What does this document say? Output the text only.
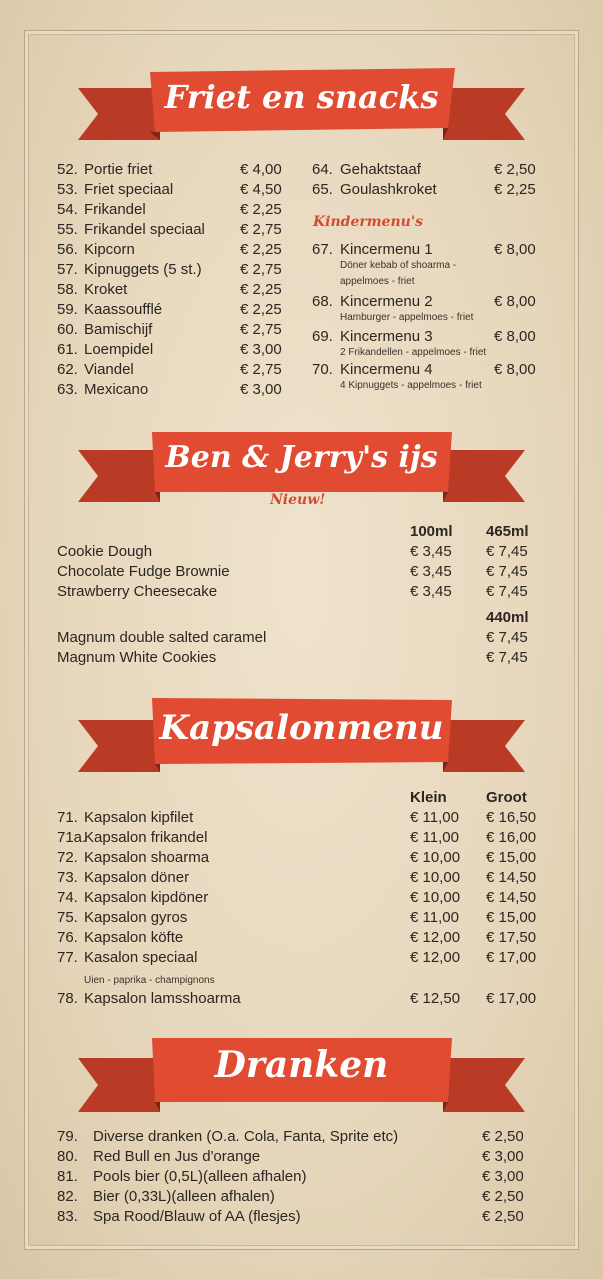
Friet en snacks
52. Portie friet	€ 4,00
53. Friet speciaal	€ 4,50
54. Frikandel	€ 2,25
55. Frikandel speciaal € 2,75
56. Kipcorn	€ 2,25
57. Kipnuggets (5 st.)	€ 2,75
58. Kroket	€ 2,25
59. Kaassoufflé	€ 2,25
60. Bamischijf	€ 2,75
61. Loempidel	€ 3,00
62. Viandel	€ 2,75
63. Mexicano	€ 3,00
64. Gehaktstaaf	€ 2,50
65. Goulashkroket	€ 2,25
Kindermenu's
67. Kincermenu 1	€ 8,00
Döner kebab of shoarma -
appelmoes - friet
68. Kincermenu 2	€ 8,00
Hamburger - appelmoes - friet
69. Kincermenu 3	€ 8,00
2 Frikandellen - appelmoes - friet
70. Kincermenu 4	€ 8,00
4 Kipnuggets - appelmoes - friet
Ben & Jerry's ijs
Nieuw!
100ml 465ml
Cookie Dough	€ 3,45 € 7,45
Chocolate Fudge Brownie	€ 3,45 € 7,45
Strawberry Cheesecake	€ 3,45 € 7,45
440ml
Magnum double salted caramel	€ 7,45
Magnum White Cookies	€ 7,45
Kapsalonmenu
Klein	Groot
71. Kapsalon kipfilet	€ 11,00 € 16,50
71a.
Kapsalon frikandel	€ 11,00 € 16,00
72. Kapsalon shoarma	€ 10,00 € 15,00
73. Kapsalon döner	€ 10,00 € 14,50
74. Kapsalon kipdöner	€ 10,00 € 14,50
75. Kapsalon gyros	€ 11,00 € 15,00
76. Kapsalon köfte	€ 12,00 € 17,50
77. Kasalon speciaal	€ 12,00 € 17,00
Uien - paprika - champignons
78. Kapsalon lamsshoarma	€ 12,50 € 17,00
Dranken
79. Diverse dranken (O.a. Cola, Fanta, Sprite etc)	€ 2,50
80. Red Bull en Jus d'orange	€ 3,00
81. Pools bier (0,5L)(alleen afhalen)	€ 3,00
82. Bier (0,33L)(alleen afhalen)	€ 2,50
83. Spa Rood/Blauw of AA (flesjes)	€ 2,50
